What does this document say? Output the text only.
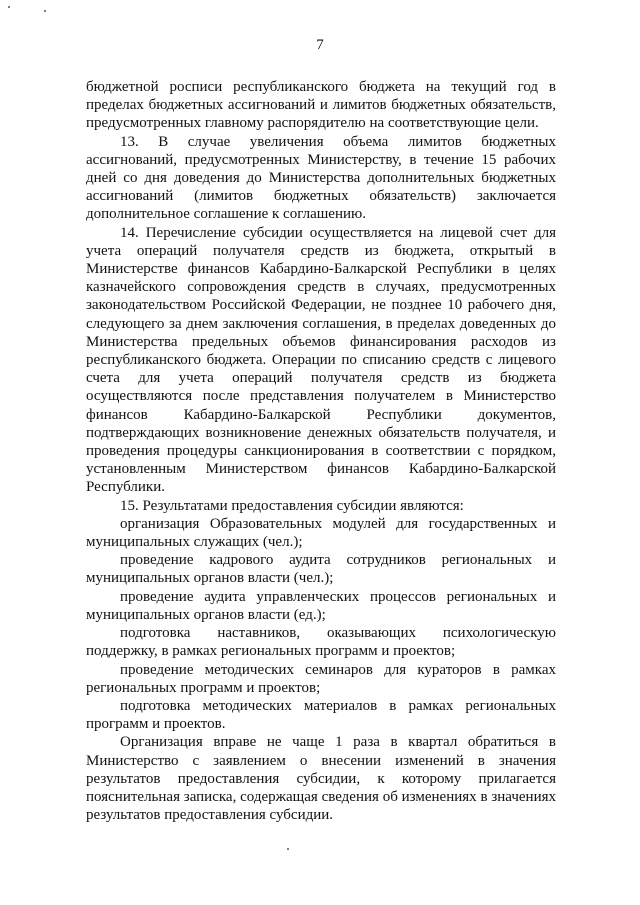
7

бюджетной росписи республиканского бюджета на текущий год в пределах бюджетных ассигнований и лимитов бюджетных обязательств, предусмотренных главному распорядителю на соответствующие цели.

13. В случае увеличения объема лимитов бюджетных ассигнований, предусмотренных Министерству, в течение 15 рабочих дней со дня доведения до Министерства дополнительных бюджетных ассигнований (лимитов бюджетных обязательств) заключается дополнительное соглашение к соглашению.

14. Перечисление субсидии осуществляется на лицевой счет для учета операций получателя средств из бюджета, открытый в Министерстве финансов Кабардино-Балкарской Республики в целях казначейского сопровождения средств в случаях, предусмотренных законодательством Российской Федерации, не позднее 10 рабочего дня, следующего за днем заключения соглашения, в пределах доведенных до Министерства предельных объемов финансирования расходов из республиканского бюджета. Операции по списанию средств с лицевого счета для учета операций получателя средств из бюджета осуществляются после представления получателем в Министерство финансов Кабардино-Балкарской Республики документов, подтверждающих возникновение денежных обязательств получателя, и проведения процедуры санкционирования в соответствии с порядком, установленным Министерством финансов Кабардино-Балкарской Республики.

15. Результатами предоставления субсидии являются:

организация Образовательных модулей для государственных и муниципальных служащих (чел.);

проведение кадрового аудита сотрудников региональных и муниципальных органов власти (чел.);

проведение аудита управленческих процессов региональных и муниципальных органов власти (ед.);

подготовка наставников, оказывающих психологическую поддержку, в рамках региональных программ и проектов;

проведение методических семинаров для кураторов в рамках региональных программ и проектов;

подготовка методических материалов в рамках региональных программ и проектов.

Организация вправе не чаще 1 раза в квартал обратиться в Министерство с заявлением о внесении изменений в значения результатов предоставления субсидии, к которому прилагается пояснительная записка, содержащая сведения об изменениях в значениях результатов предоставления субсидии.
